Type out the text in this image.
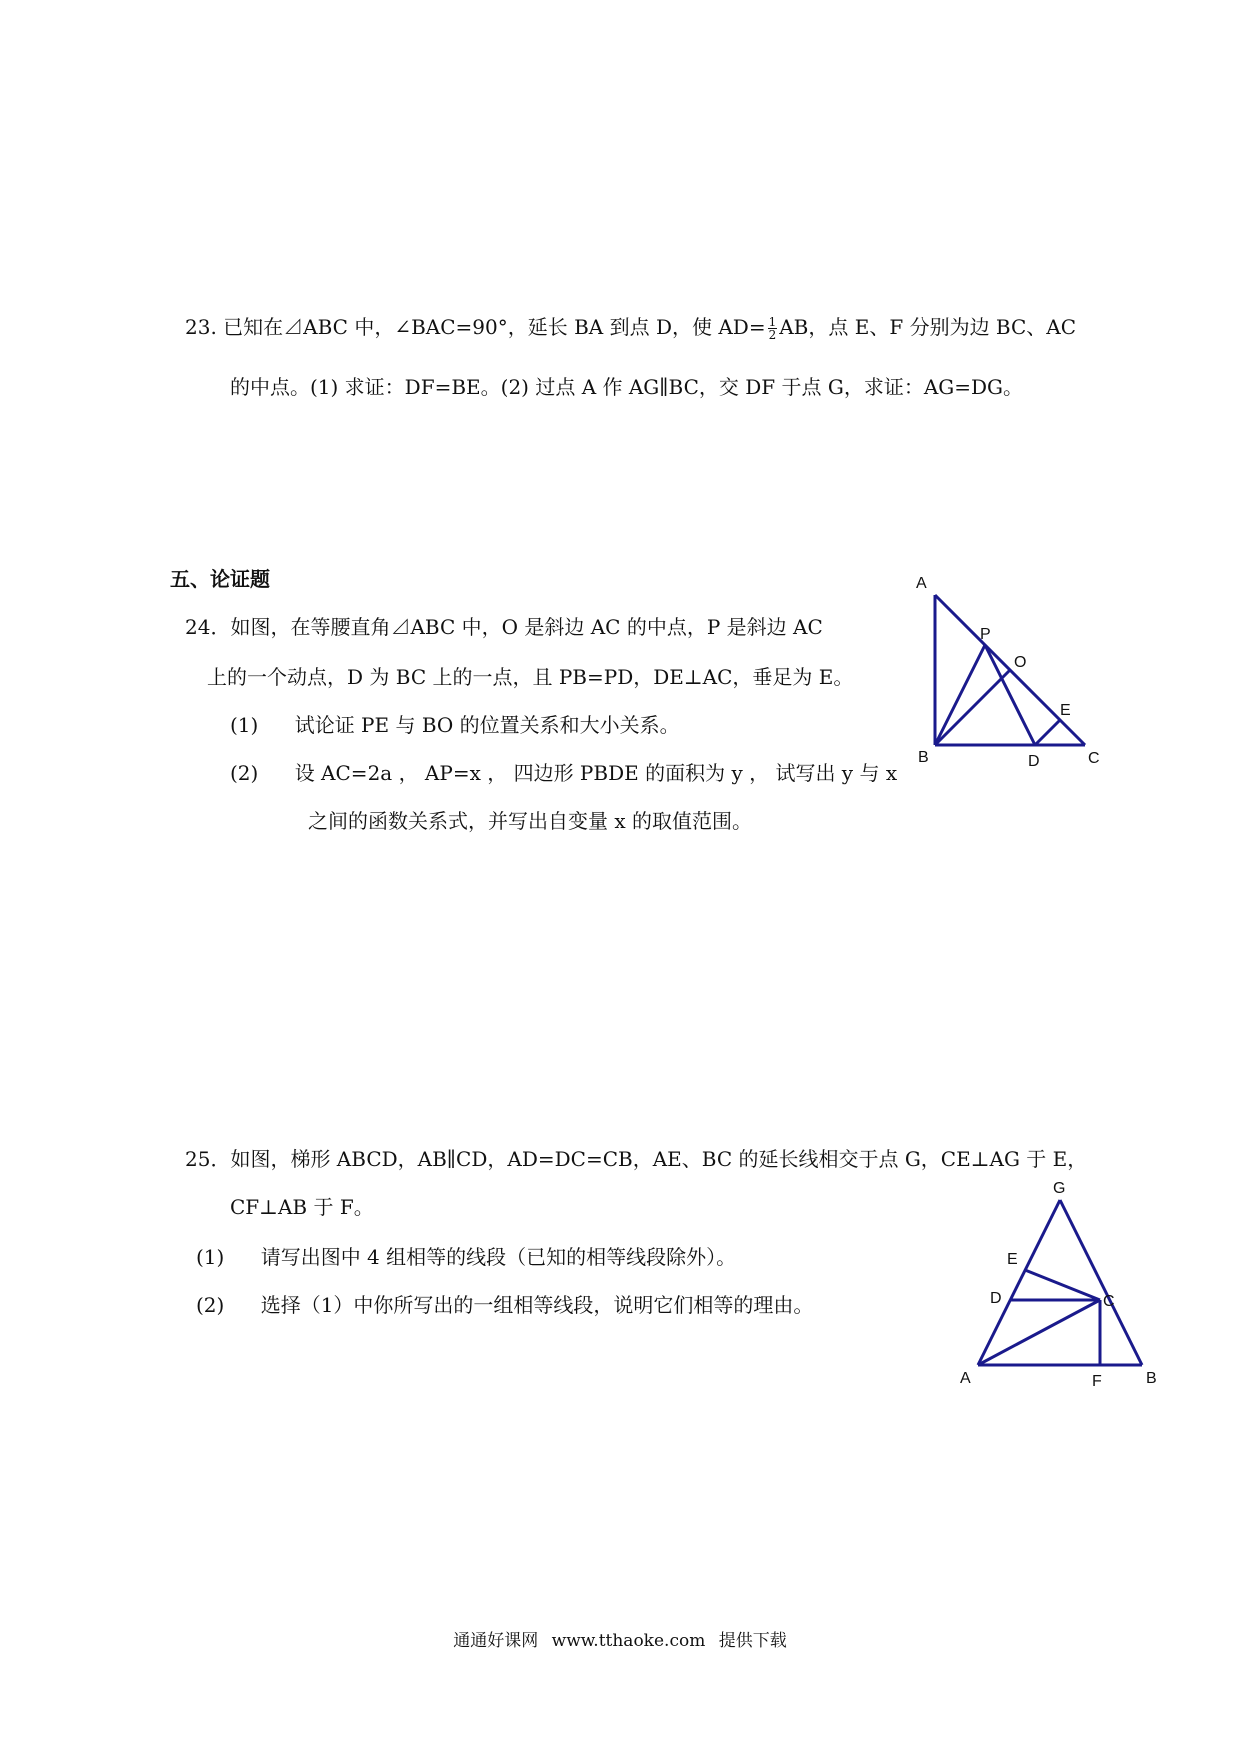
23. 已知在⊿ABC 中，∠BAC=90°，延长 BA 到点 D，使 $AD= \frac{1}{2}$ AB，点 E、F 分别为边 BC、AC
的中点。(1) 求证：DF=BE。(2) 过点 A 作 AG∥BC，交 DF 于点 G，求证：AG=DG。
五、论证题
24．如图，在等腰直角⊿ABC 中，O 是斜边 AC 的中点，P 是斜边 AC
上的一个动点，D 为 BC 上的一点，且 PB=PD，DE⊥AC，垂足为 E。
(1) 试论证 PE 与 BO 的位置关系和大小关系。
(2) 设 AC=2a ， AP=x ， 四边形 PBDE 的面积为 y ， 试写出 y 与 x
之间的函数关系式，并写出自变量 x 的取值范围。
A
P
O
E
B	D	C
25．如图，梯形 ABCD，AB∥CD，AD=DC=CB，AE、BC 的延长线相交于点 G，CE⊥AG 于 E，
CF⊥AB 于 F。
(1) 请写出图中 4 组相等的线段（已知的相等线段除外）。
(2) 选择（1）中你所写出的一组相等线段，说明它们相等的理由。
G
E
D	C
A	F	B
通通好课网 www.tthaoke.com 提供下载
